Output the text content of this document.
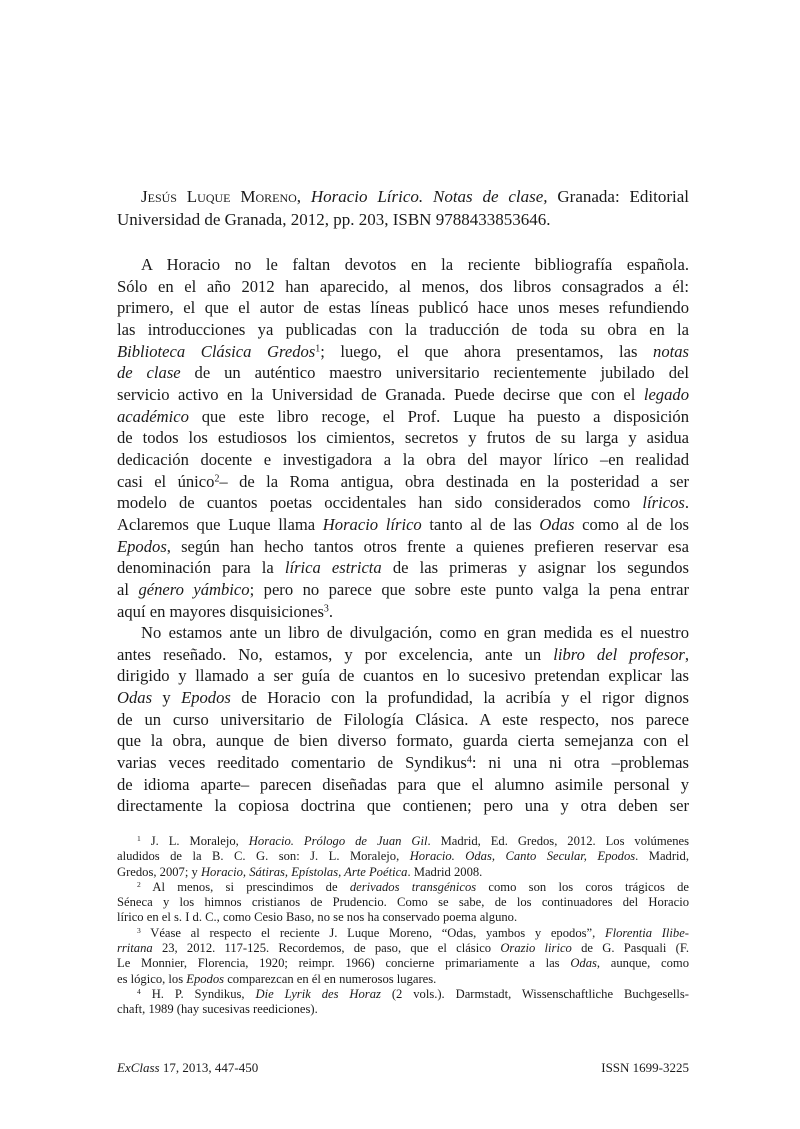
Jesús Luque Moreno, Horacio Lírico. Notas de clase, Granada: Editorial
Universidad de Granada, 2012, pp. 203, ISBN 9788433853646.
A Horacio no le faltan devotos en la reciente bibliografía española.
Sólo en el año 2012 han aparecido, al menos, dos libros consagrados a él:
primero, el que el autor de estas líneas publicó hace unos meses refundiendo
las introducciones ya publicadas con la traducción de toda su obra en la
Biblioteca Clásica Gredos$^1$; luego, el que ahora presentamos, las notas
de clase de un auténtico maestro universitario recientemente jubilado del
servicio activo en la Universidad de Granada. Puede decirse que con el legado
académico que este libro recoge, el Prof. Luque ha puesto a disposición
de todos los estudiosos los cimientos, secretos y frutos de su larga y asidua
dedicación docente e investigadora a la obra del mayor lírico –en realidad
casi el único$^2$– de la Roma antigua, obra destinada en la posteridad a ser
modelo de cuantos poetas occidentales han sido considerados como líricos.
Aclaremos que Luque llama Horacio lírico tanto al de las Odas como al de los
Epodos, según han hecho tantos otros frente a quienes prefieren reservar esa
denominación para la lírica estricta de las primeras y asignar los segundos
al género yámbico; pero no parece que sobre este punto valga la pena entrar
aquí en mayores disquisiciones$^3$.
No estamos ante un libro de divulgación, como en gran medida es el nuestro
antes reseñado. No, estamos, y por excelencia, ante un libro del profesor,
dirigido y llamado a ser guía de cuantos en lo sucesivo pretendan explicar las
Odas y Epodos de Horacio con la profundidad, la acribía y el rigor dignos
de un curso universitario de Filología Clásica. A este respecto, nos parece
que la obra, aunque de bien diverso formato, guarda cierta semejanza con el
varias veces reeditado comentario de Syndikus$^4$: ni una ni otra –problemas
de idioma aparte– parecen diseñadas para que el alumno asimile personal y
directamente la copiosa doctrina que contienen; pero una y otra deben ser
$^1$ J. L. Moralejo, Horacio. Prólogo de Juan Gil. Madrid, Ed. Gredos, 2012. Los volúmenes
aludidos de la B. C. G. son: J. L. Moralejo, Horacio. Odas, Canto Secular, Epodos. Madrid,
Gredos, 2007; y Horacio, Sátiras, Epístolas, Arte Poética. Madrid 2008.
$^2$ Al menos, si prescindimos de derivados transgénicos como son los coros trágicos de
Séneca y los himnos cristianos de Prudencio. Como se sabe, de los continuadores del Horacio
lírico en el s. I d. C., como Cesio Baso, no se nos ha conservado poema alguno.
$^3$ Véase al respecto el reciente J. Luque Moreno, “Odas, yambos y epodos”, Florentia Ilibe-
rritana 23, 2012. 117-125. Recordemos, de paso, que el clásico Orazio lirico de G. Pasquali (F.
Le Monnier, Florencia, 1920; reimpr. 1966) concierne primariamente a las Odas, aunque, como
es lógico, los Epodos comparezcan en él en numerosos lugares.
$^4$ H. P. Syndikus, Die Lyrik des Horaz (2 vols.). Darmstadt, Wissenschaftliche Buchgesells-
chaft, 1989 (hay sucesivas reediciones).
ExClass 17, 2013, 447-450	ISSN 1699-3225
